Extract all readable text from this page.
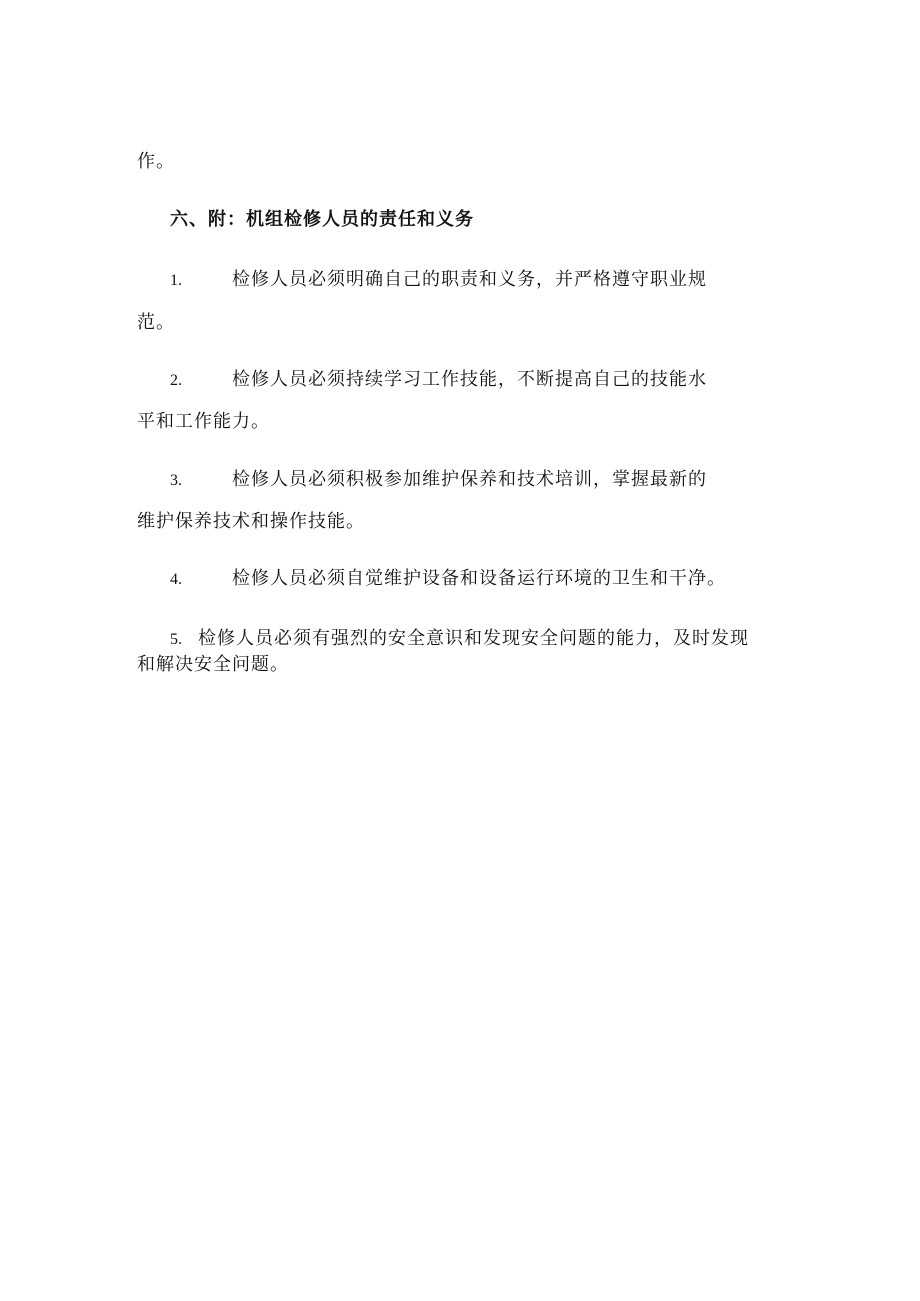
作。
六、附：机组检修人员的责任和义务
1.	检修人员必须明确自己的职责和义务，并严格遵守职业规
范。
2.	检修人员必须持续学习工作技能，不断提高自己的技能水
平和工作能力。
3.	检修人员必须积极参加维护保养和技术培训，掌握最新的
维护保养技术和操作技能。
4.	检修人员必须自觉维护设备和设备运行环境的卫生和干净。
5. 检修人员必须有强烈的安全意识和发现安全问题的能力，及时发现
和解决安全问题。
